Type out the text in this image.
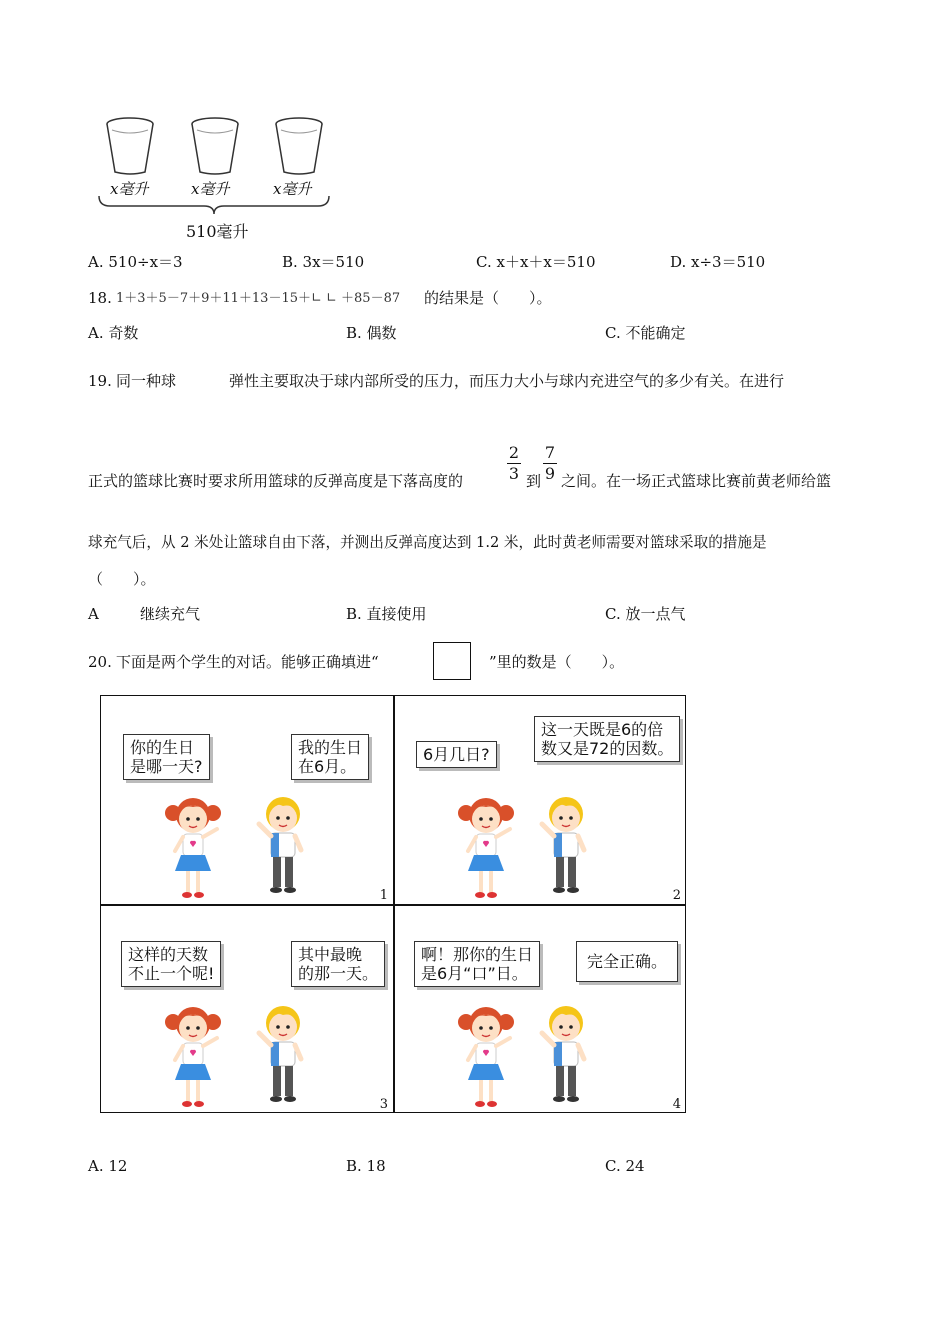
x毫升	x毫升	x毫升
510毫升
A. 510÷x＝3	B. 3x＝510	C. x＋x＋x＝510	D. x÷3＝510
18. 1＋3＋5－7＋9＋11＋13－15＋∟ ∟ ＋85－87 的结果是（　　）。
A. 奇数	B. 偶数	C. 不能确定
19. 同一种球	弹性主要取决于球内部所受的压力，而压力大小与球内充进空气的多少有关。在进行
正式的篮球比赛时要求所用篮球的反弹高度是下落高度的
2
3 到
7
9 之间。在一场正式篮球比赛前黄老师给篮
球充气后，从 2 米处让篮球自由下落，并测出反弹高度达到 1.2 米，此时黄老师需要对篮球采取的措施是
（　　）。
A	继续充气	B. 直接使用	C. 放一点气
20. 下面是两个学生的对话。能够正确填进“	”里的数是（　　）。
你的生日
是哪一天?
我的生日
在6月。
1
6月几日?
这一天既是6的倍
数又是72的因数。
2
这样的天数
不止一个呢!
其中最晚
的那一天。
3
啊！那你的生日
是6月“口”日。
完全正确。
4
A. 12	B. 18	C. 24
